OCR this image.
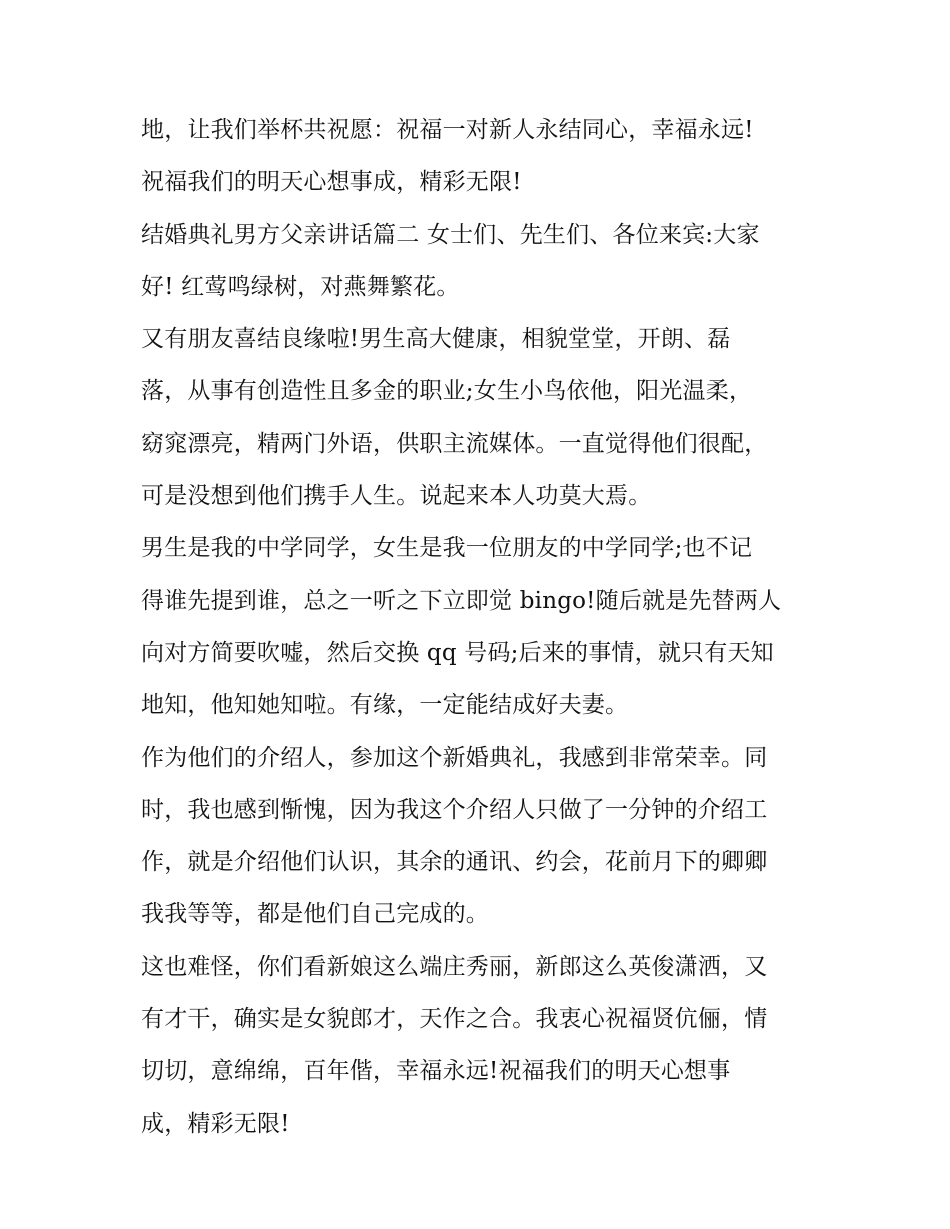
地，让我们举杯共祝愿：祝福一对新人永结同心，幸福永远!
祝福我们的明天心想事成，精彩无限!
结婚典礼男方父亲讲话篇二 女士们、先生们、各位来宾:大家
好! 红莺鸣绿树，对燕舞繁花。
又有朋友喜结良缘啦!男生高大健康，相貌堂堂，开朗、磊
落，从事有创造性且多金的职业;女生小鸟依他，阳光温柔，
窈窕漂亮，精两门外语，供职主流媒体。一直觉得他们很配，
可是没想到他们携手人生。说起来本人功莫大焉。
男生是我的中学同学，女生是我一位朋友的中学同学;也不记
得谁先提到谁，总之一听之下立即觉 bingo!随后就是先替两人
向对方简要吹嘘，然后交换 qq 号码;后来的事情，就只有天知
地知，他知她知啦。有缘，一定能结成好夫妻。
作为他们的介绍人，参加这个新婚典礼，我感到非常荣幸。同
时，我也感到惭愧，因为我这个介绍人只做了一分钟的介绍工
作，就是介绍他们认识，其余的通讯、约会，花前月下的卿卿
我我等等，都是他们自己完成的。
这也难怪，你们看新娘这么端庄秀丽，新郎这么英俊潇洒，又
有才干，确实是女貌郎才，天作之合。我衷心祝福贤伉俪，情
切切，意绵绵，百年偕，幸福永远!祝福我们的明天心想事
成，精彩无限!
